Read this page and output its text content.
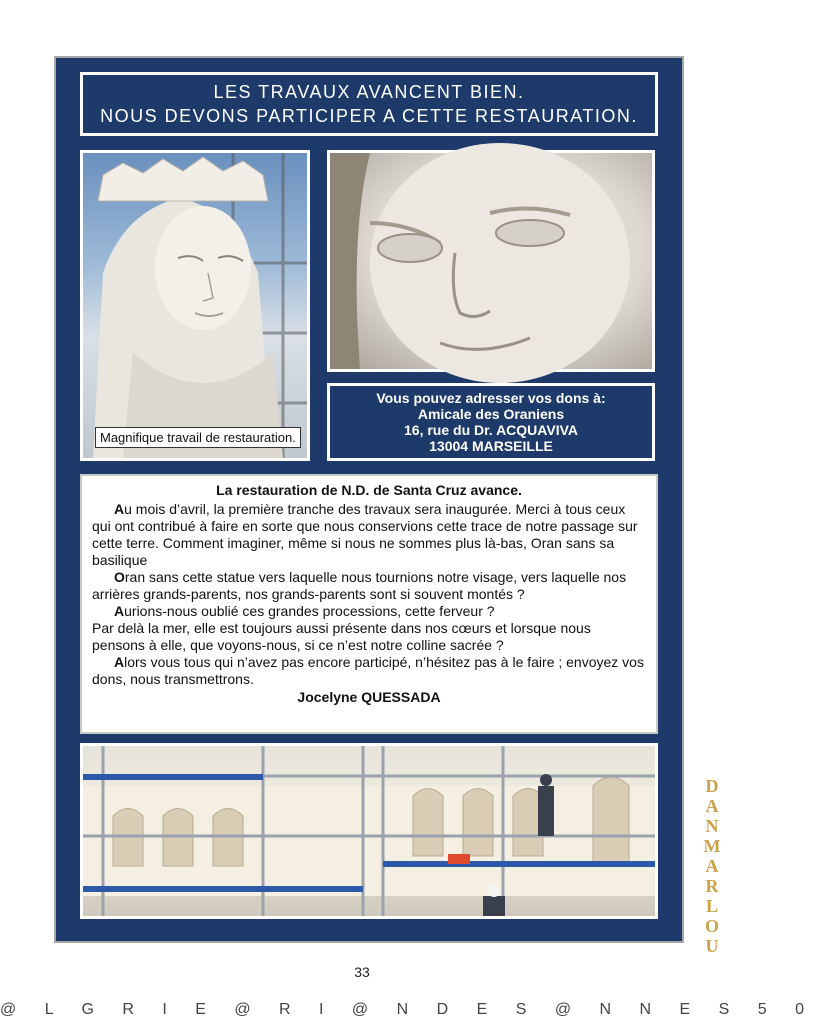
LES TRAVAUX AVANCENT BIEN.
NOUS DEVONS PARTICIPER A CETTE RESTAURATION.
Magnifique travail de restauration.
Vous pouvez adresser vos dons à:
Amicale des Oraniens
16, rue du Dr. ACQUAVIVA
13004 MARSEILLE
La restauration de N.D. de Santa Cruz avance.

Au mois d’avril, la première tranche des travaux sera inaugurée. Merci à tous ceux qui ont contribué à faire en sorte que nous conservions cette trace de notre passage sur cette terre. Comment imaginer, même si nous ne sommes plus là-bas, Oran sans sa basilique

Oran sans cette statue vers laquelle nous tournions notre visage, vers laquelle nos arrières grands-parents, nos grands-parents sont si souvent montés ?

Aurions-nous oublié ces grandes processions, cette ferveur ?

Par delà la mer, elle est toujours aussi présente dans nos cœurs et lorsque nous pensons à elle, que voyons-nous, si ce n’est notre colline sacrée ?

Alors vous tous qui n’avez pas encore participé, n’hésitez pas à le faire ; envoyez vos dons, nous transmettrons.

Jocelyne QUESSADA
33
DANMARLOU
@ L G R I E @ R I @ N D E S @ N N E S 5 0
